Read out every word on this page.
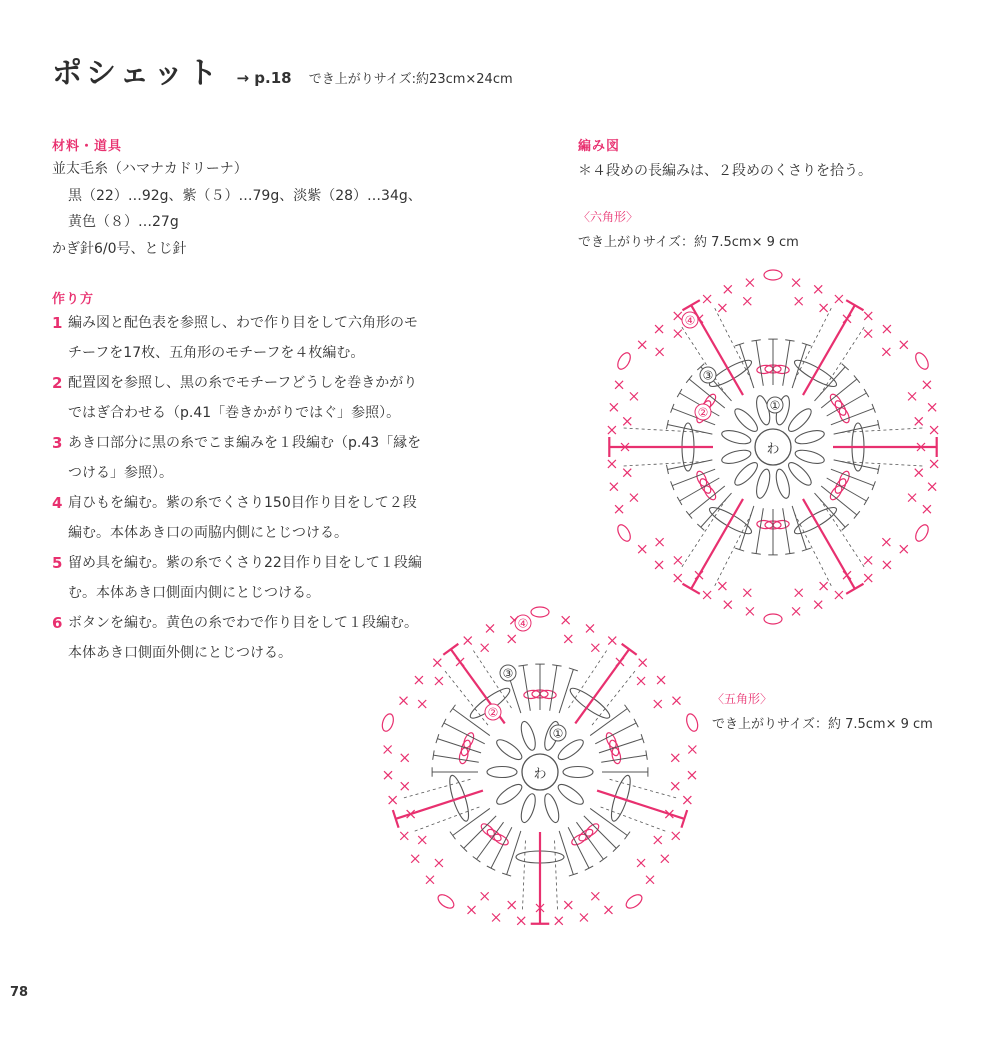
ポシェット → p.18 でき上がりサイズ:約23cm×24cm
材料・道具
並太毛糸（ハマナカドリーナ）
黒（22）…92g、紫（５）…79g、淡紫（28）…34g、
黄色（８）…27g
かぎ針6/0号、とじ針
作り方
1 編み図と配色表を参照し、わで作り目をして六角形のモ
チーフを17枚、五角形のモチーフを４枚編む。
2 配置図を参照し、黒の糸でモチーフどうしを巻きかがり
ではぎ合わせる（p.41「巻きかがりではぐ」参照）。
3 あき口部分に黒の糸でこま編みを１段編む（p.43「縁を
つける」参照）。
4 肩ひもを編む。紫の糸でくさり150目作り目をして２段
編む。本体あき口の両脇内側にとじつける。
5 留め具を編む。紫の糸でくさり22目作り目をして１段編
む。本体あき口側面内側にとじつける。
6 ボタンを編む。黄色の糸でわで作り目をして１段編む。
本体あき口側面外側にとじつける。
編み図
＊４段めの長編みは、２段めのくさりを拾う。
〈六角形〉
でき上がりサイズ：約 7.5cm× 9 cm
〈五角形〉
でき上がりサイズ：約 7.5cm× 9 cm
わ
①
②
③
④
わ
①
②
③
④
78
